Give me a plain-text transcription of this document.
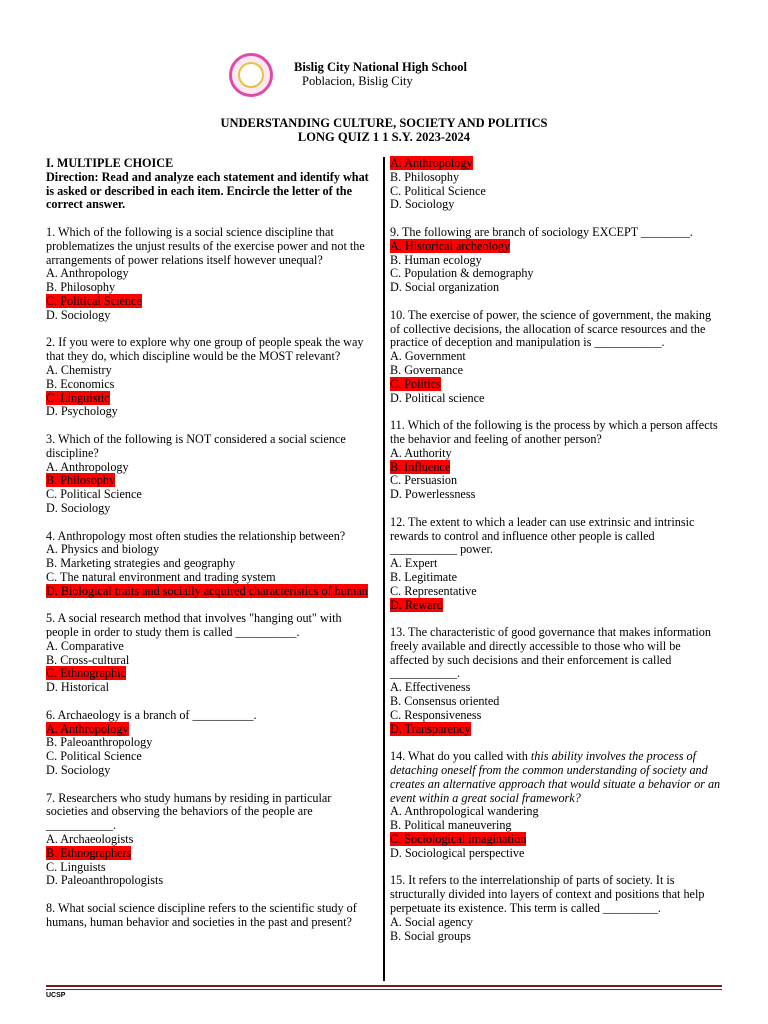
Bislig City National High School
Poblacion, Bislig City
UNDERSTANDING CULTURE, SOCIETY AND POLITICS
LONG QUIZ 1 1 S.Y. 2023-2024
I. MULTIPLE CHOICE
Direction: Read and analyze each statement and identify what is asked or described in each item. Encircle the letter of the correct answer.
1. Which of the following is a social science discipline that problematizes the unjust results of the exercise power and not the arrangements of power relations itself however unequal?
A. Anthropology
B. Philosophy
C. Political Science
D. Sociology
2. If you were to explore why one group of people speak the way that they do, which discipline would be the MOST relevant?
A. Chemistry
B. Economics
C. Linguistic
D. Psychology
3. Which of the following is NOT considered a social science discipline?
A. Anthropology
B. Philosophy
C. Political Science
D. Sociology
4. Anthropology most often studies the relationship between?
A. Physics and biology
B. Marketing strategies and geography
C. The natural environment and trading system
D. Biological traits and socially acquired characteristics of human
5. A social research method that involves "hanging out" with people in order to study them is called __________.
A. Comparative
B. Cross-cultural
C. Ethnographic
D. Historical
6. Archaeology is a branch of __________.
A. Anthropology
B. Paleoanthropology
C. Political Science
D. Sociology
7. Researchers who study humans by residing in particular societies and observing the behaviors of the people are ___________.
A. Archaeologists
B. Ethnographers
C. Linguists
D. Paleoanthropologists
8. What social science discipline refers to the scientific study of humans, human behavior and societies in the past and present?
A. Anthropology
B. Philosophy
C. Political Science
D. Sociology
9. The following are branch of sociology EXCEPT ________.
A. Historical archeology
B. Human ecology
C. Population & demography
D. Social organization
10. The exercise of power, the science of government, the making of collective decisions, the allocation of scarce resources and the practice of deception and manipulation is ___________.
A. Government
B. Governance
C. Politics
D. Political science
11. Which of the following is the process by which a person affects the behavior and feeling of another person?
A. Authority
B. Influence
C. Persuasion
D. Powerlessness
12. The extent to which a leader can use extrinsic and intrinsic rewards to control and influence other people is called ___________ power.
A. Expert
B. Legitimate
C. Representative
D. Reward
13. The characteristic of good governance that makes information freely available and directly accessible to those who will be affected by such decisions and their enforcement is called ___________.
A. Effectiveness
B. Consensus oriented
C. Responsiveness
D. Transparency
14. What do you called with this ability involves the process of detaching oneself from the common understanding of society and creates an alternative approach that would situate a behavior or an event within a great social framework?
A. Anthropological wandering
B. Political maneuvering
C. Sociological imagination
D. Sociological perspective
15. It refers to the interrelationship of parts of society. It is structurally divided into layers of context and positions that help perpetuate its existence. This term is called _________.
A. Social agency
B. Social groups
UCSP
